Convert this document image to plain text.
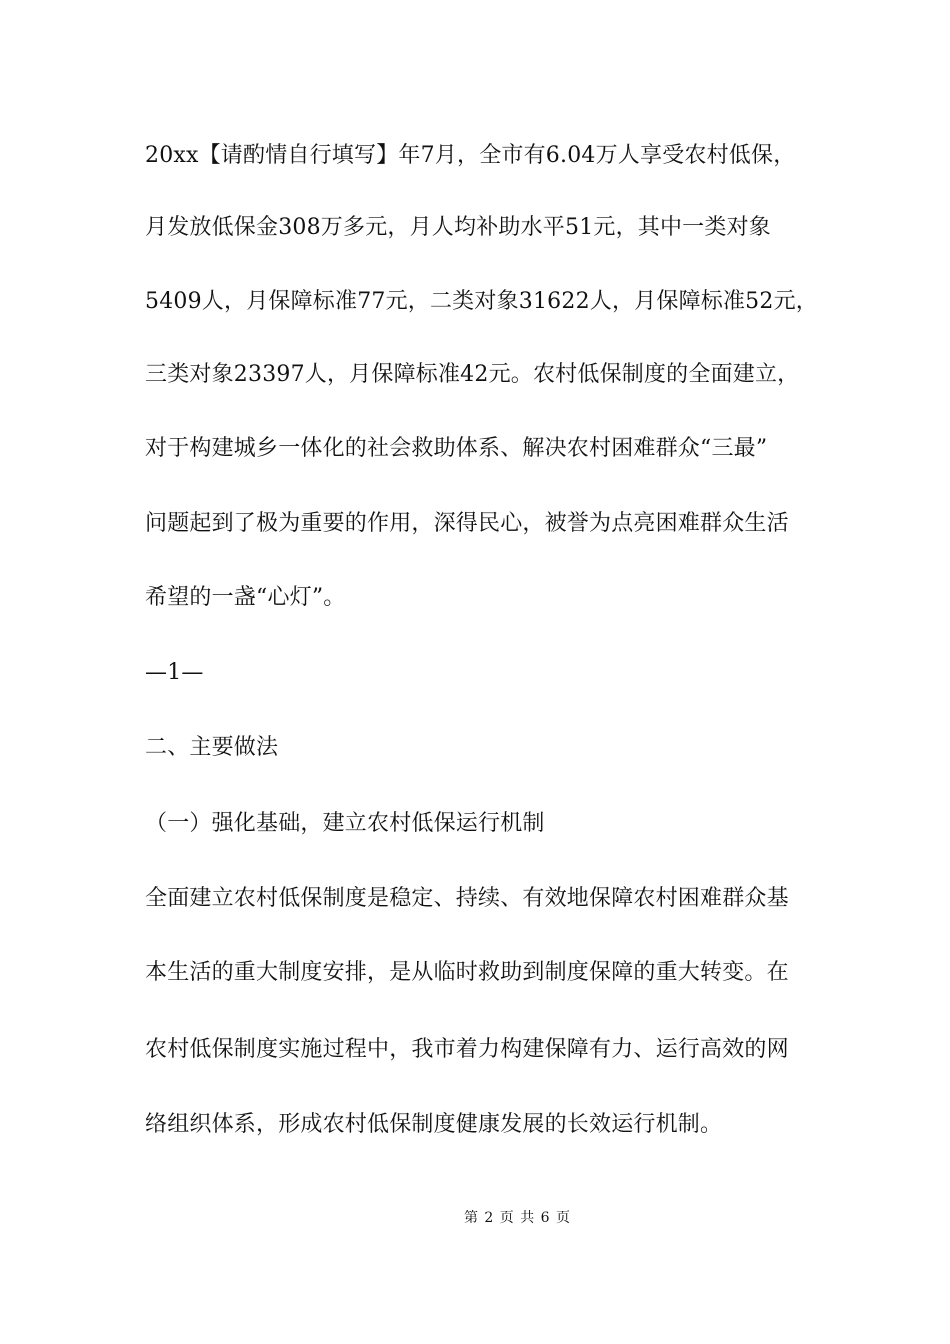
20xx【请酌情自行填写】年7月，全市有6.04万人享受农村低保，
月发放低保金308万多元，月人均补助水平51元，其中一类对象
5409人，月保障标准77元，二类对象31622人，月保障标准52元，
三类对象23397人，月保障标准42元。农村低保制度的全面建立，
对于构建城乡一体化的社会救助体系、解决农村困难群众“三最”
问题起到了极为重要的作用，深得民心，被誉为点亮困难群众生活
希望的一盏“心灯”。
—1—
二、主要做法
（一）强化基础，建立农村低保运行机制
全面建立农村低保制度是稳定、持续、有效地保障农村困难群众基
本生活的重大制度安排，是从临时救助到制度保障的重大转变。在
农村低保制度实施过程中，我市着力构建保障有力、运行高效的网
络组织体系，形成农村低保制度健康发展的长效运行机制。
第 2 页 共 6 页
